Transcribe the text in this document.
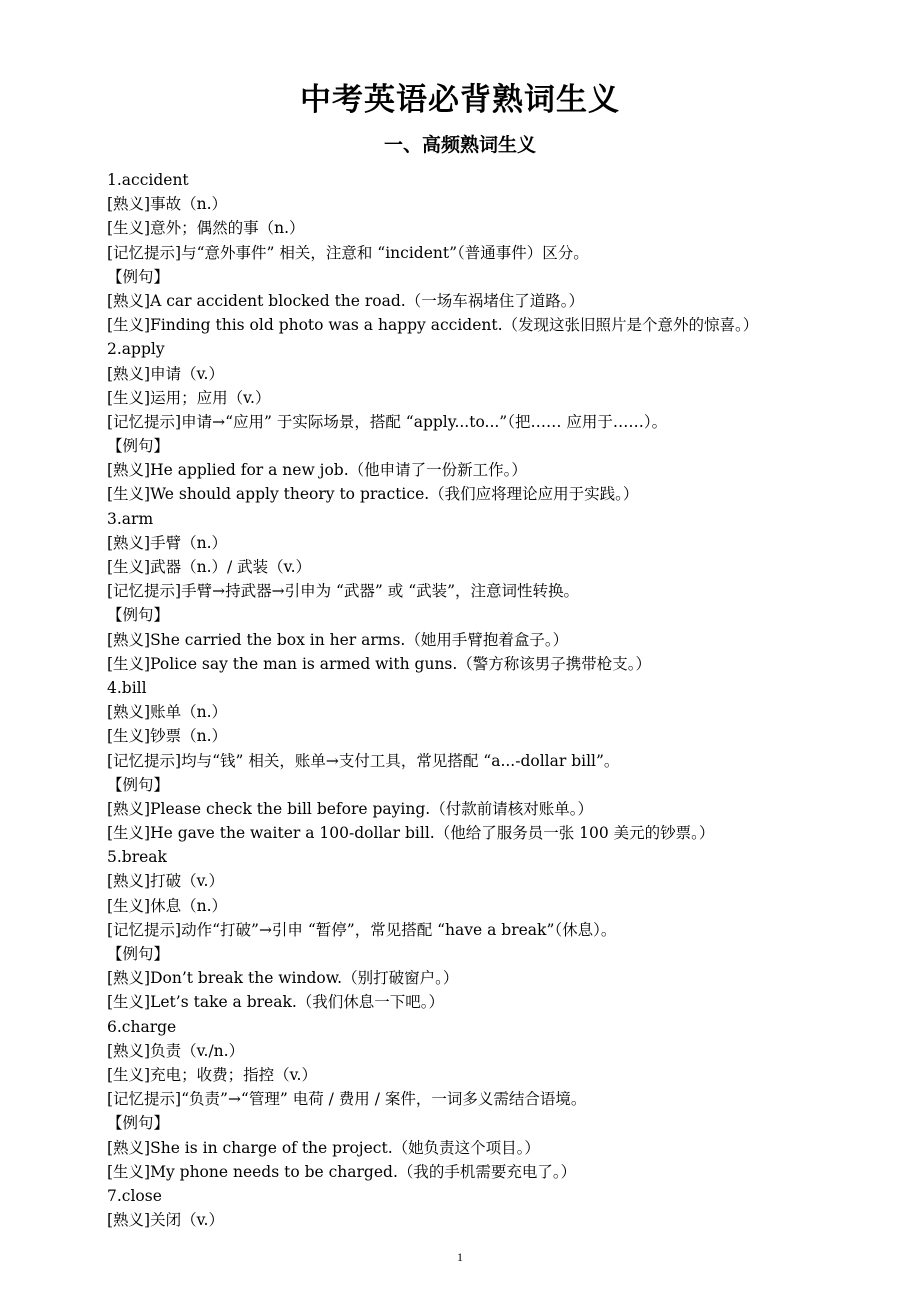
中考英语必背熟词生义
一、高频熟词生义
1.accident
[熟义]事故（n.）
[生义]意外；偶然的事（n.）
[记忆提示]与“意外事件” 相关，注意和 “incident”（普通事件）区分。
【例句】
[熟义]A car accident blocked the road.（一场车祸堵住了道路。）
[生义]Finding this old photo was a happy accident.（发现这张旧照片是个意外的惊喜。）
2.apply
[熟义]申请（v.）
[生义]运用；应用（v.）
[记忆提示]申请→“应用” 于实际场景，搭配 “apply...to...”（把…… 应用于……）。
【例句】
[熟义]He applied for a new job.（他申请了一份新工作。）
[生义]We should apply theory to practice.（我们应将理论应用于实践。）
3.arm
[熟义]手臂（n.）
[生义]武器（n.）/ 武装（v.）
[记忆提示]手臂→持武器→引申为 “武器” 或 “武装”，注意词性转换。
【例句】
[熟义]She carried the box in her arms.（她用手臂抱着盒子。）
[生义]Police say the man is armed with guns.（警方称该男子携带枪支。）
4.bill
[熟义]账单（n.）
[生义]钞票（n.）
[记忆提示]均与“钱” 相关，账单→支付工具，常见搭配 “a...-dollar bill”。
【例句】
[熟义]Please check the bill before paying.（付款前请核对账单。）
[生义]He gave the waiter a 100-dollar bill.（他给了服务员一张 100 美元的钞票。）
5.break
[熟义]打破（v.）
[生义]休息（n.）
[记忆提示]动作“打破”→引申 “暂停”，常见搭配 “have a break”（休息）。
【例句】
[熟义]Don’t break the window.（别打破窗户。）
[生义]Let’s take a break.（我们休息一下吧。）
6.charge
[熟义]负责（v./n.）
[生义]充电；收费；指控（v.）
[记忆提示]“负责”→“管理” 电荷 / 费用 / 案件，一词多义需结合语境。
【例句】
[熟义]She is in charge of the project.（她负责这个项目。）
[生义]My phone needs to be charged.（我的手机需要充电了。）
7.close
[熟义]关闭（v.）
1
